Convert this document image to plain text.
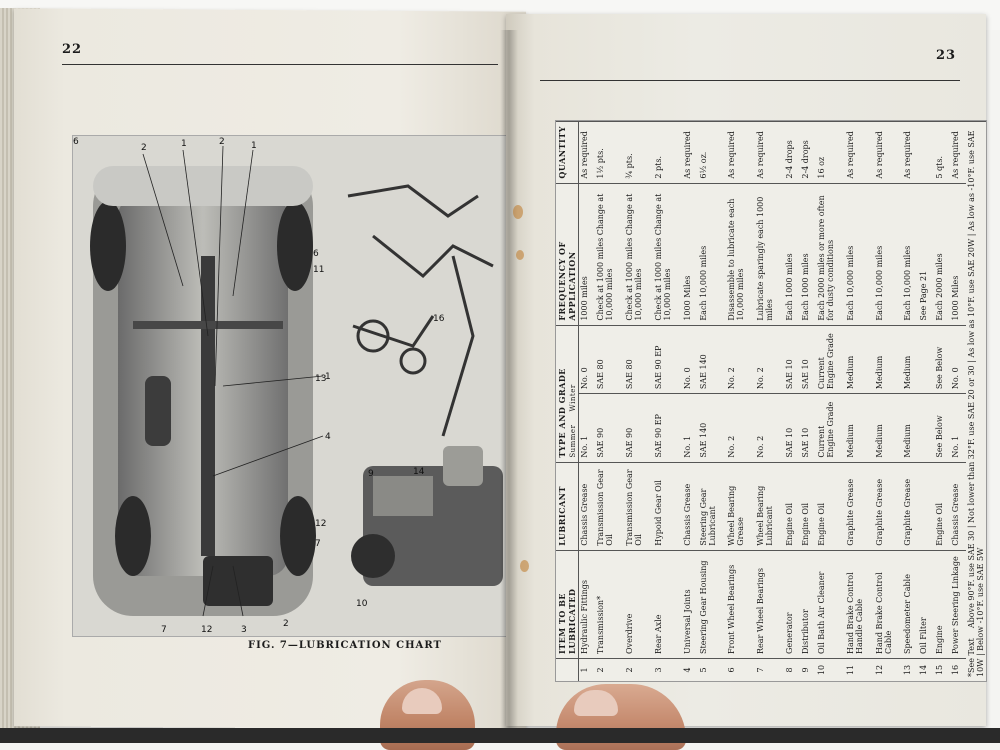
22
6
2	1	2	1
6
11
1
4
16
13
12
7
7	12	3
2
9	14
10
FIG. 7—LUBRICATION CHART
23
	ITEM TO BE LUBRICATED	LUBRICANT	TYPE AND GRADE Summer    Winter		FREQUENCY OF APPLICATION	QUANTITY
1	Hydraulic Fittings	Chassis Grease	No. 1	No. 0	1000 miles	As required
2	Transmission*	Transmission Gear Oil	SAE 90	SAE 80	Check at 1000 miles Change at 10,000 miles	1½ pts.
2	Overdrive	Transmission Gear Oil	SAE 90	SAE 80	Check at 1000 miles Change at 10,000 miles	¾ pts.
3	Rear Axle	Hypoid Gear Oil	SAE 90 EP	SAE 90 EP	Check at 1000 miles Change at 10,000 miles	2 pts.
4	Universal Joints	Chassis Grease	No. 1	No. 0	1000 Miles	As required
5	Steering Gear Housing	Steering Gear Lubricant	SAE 140	SAE 140	Each 10,000 miles	6½ oz.
6	Front Wheel Bearings	Wheel Bearing Grease	No. 2	No. 2	Disassemble to lubricate each 10,000 miles	As required
7	Rear Wheel Bearings	Wheel Bearing Lubricant	No. 2	No. 2	Lubricate sparingly each 1000 miles	As required
8	Generator	Engine Oil	SAE 10	SAE 10	Each 1000 miles	2-4 drops
9	Distributor	Engine Oil	SAE 10	SAE 10	Each 1000 miles	2-4 drops
10	Oil Bath Air Cleaner	Engine Oil	Current Engine Grade	Current Engine Grade	Each 2000 miles or more often for dusty conditions	16 oz
11	Hand Brake Control Handle Cable	Graphite Grease	Medium	Medium	Each 10,000 miles	As required
12	Hand Brake Control Cable	Graphite Grease	Medium	Medium	Each 10,000 miles	As required
13	Speedometer Cable	Graphite Grease	Medium	Medium	Each 10,000 miles	As required
14	Oil Filter				See Page 21	
15	Engine	Engine Oil	See Below	See Below	Each 2000 miles	5 qts.
16	Power Steering Linkage	Chassis Grease	No. 1	No. 0	1000 Miles	As required
*See Text    Above 90°F. use SAE 30 | Not lower than 32°F. use SAE 20 or 30 | As low as 10°F. use SAE 20W | As low as -10°F. use SAE 10W | Below -10°F. use SAE 5W						
